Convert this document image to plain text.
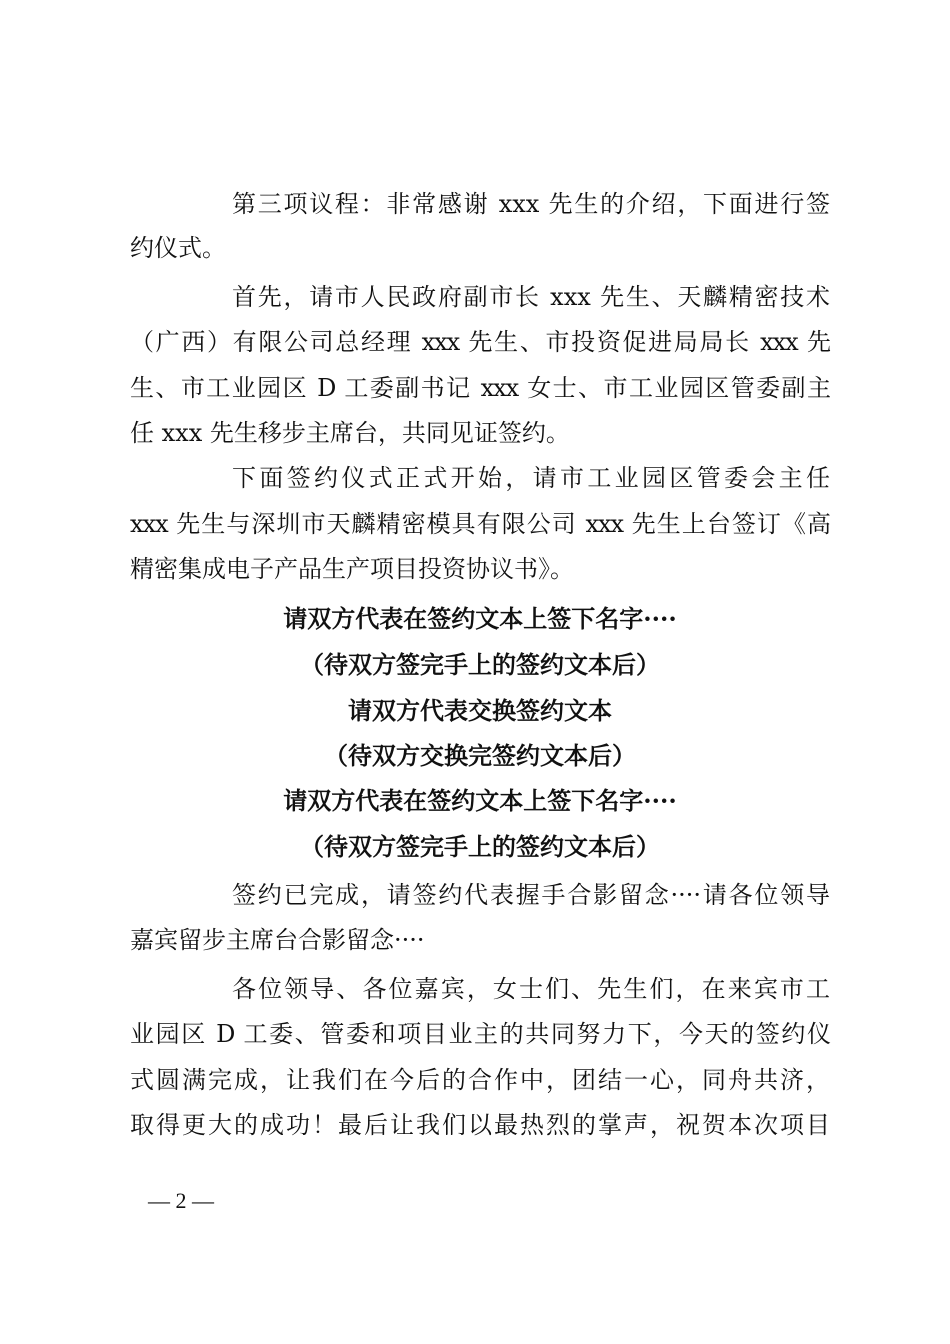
第三项议程：非常感谢 xxx 先生的介绍，下面进行签
约仪式。
首先，请市人民政府副市长 xxx 先生、天麟精密技术
（广西）有限公司总经理 xxx 先生、市投资促进局局长 xxx 先
生、市工业园区 D 工委副书记 xxx 女士、市工业园区管委副主
任 xxx 先生移步主席台，共同见证签约。
下面签约仪式正式开始，请市工业园区管委会主任
xxx 先生与深圳市天麟精密模具有限公司 xxx 先生上台签订《高
精密集成电子产品生产项目投资协议书》。
请双方代表在签约文本上签下名字····
（待双方签完手上的签约文本后）
请双方代表交换签约文本
（待双方交换完签约文本后）
请双方代表在签约文本上签下名字····
（待双方签完手上的签约文本后）
签约已完成，请签约代表握手合影留念····请各位领导
嘉宾留步主席台合影留念····
各位领导、各位嘉宾，女士们、先生们，在来宾市工
业园区 D 工委、管委和项目业主的共同努力下，今天的签约仪
式圆满完成，让我们在今后的合作中，团结一心，同舟共济，
取得更大的成功！最后让我们以最热烈的掌声，祝贺本次项目
— 2 —
